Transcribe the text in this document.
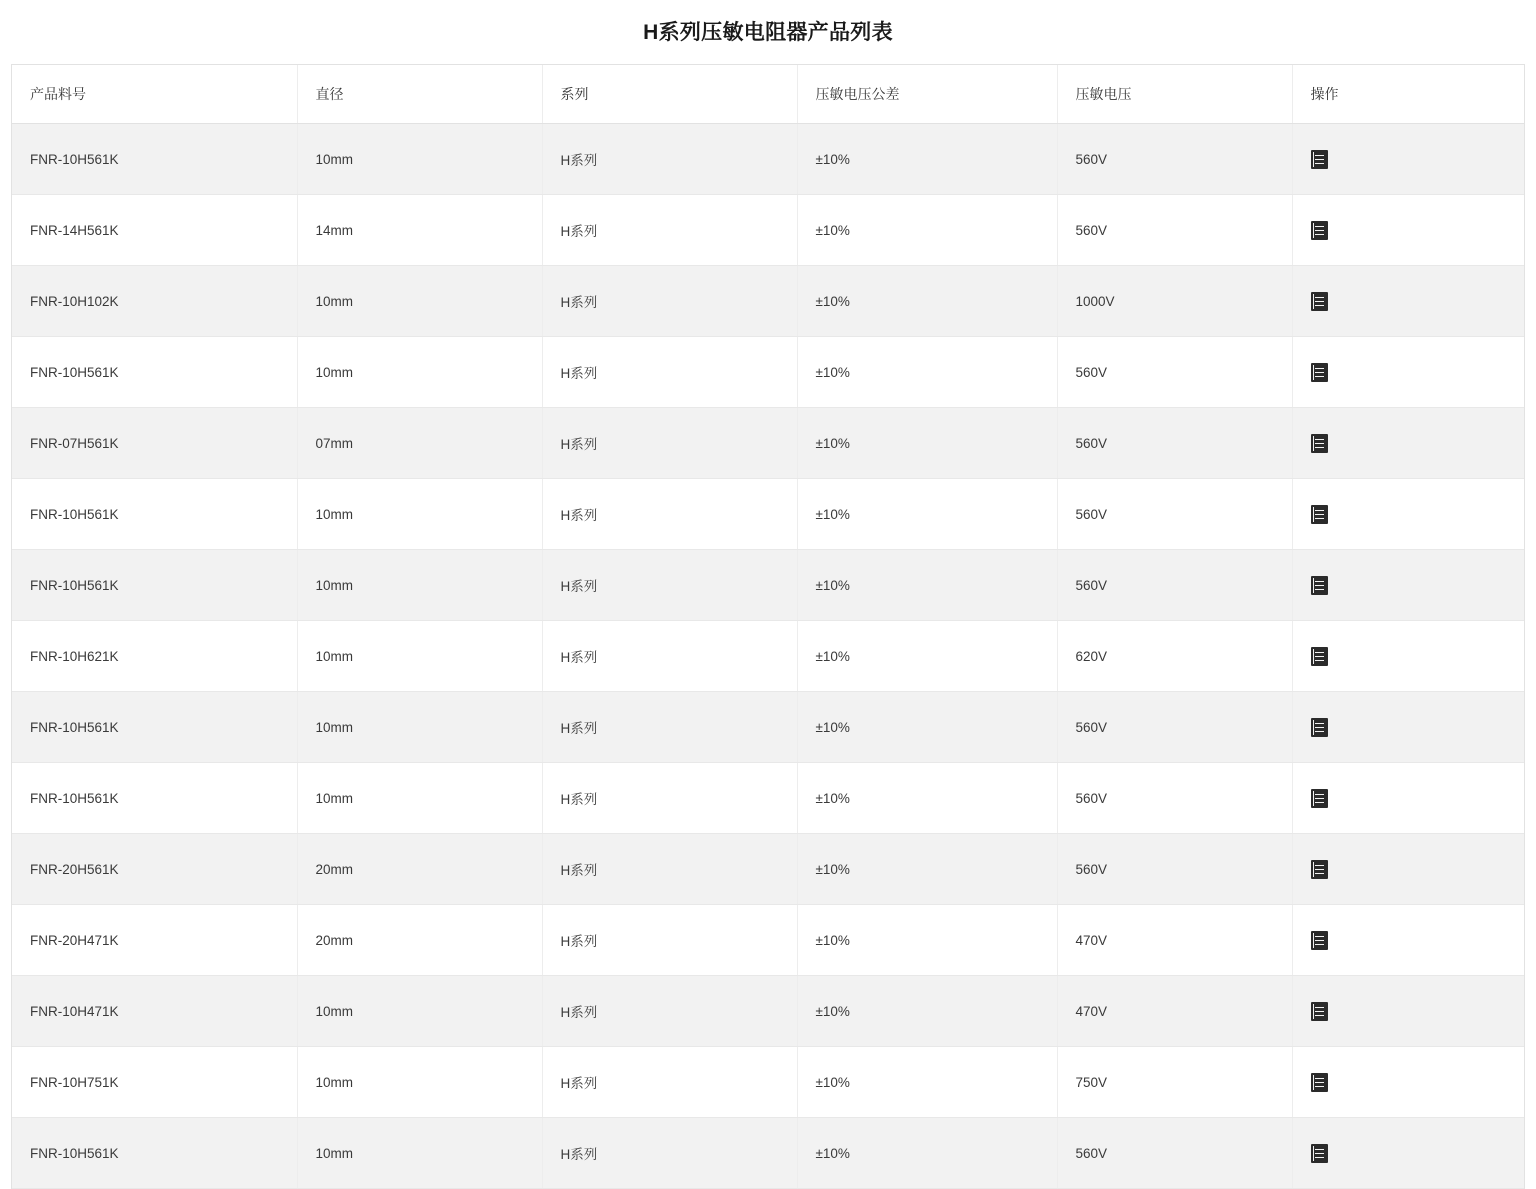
H系列压敏电阻器产品列表
产品料号	直径	系列	压敏电压公差	压敏电压	操作
FNR-10H561K	10mm	H系列	±10%	560V	

FNR-14H561K	14mm	H系列	±10%	560V	

FNR-10H102K	10mm	H系列	±10%	1000V	

FNR-10H561K	10mm	H系列	±10%	560V	

FNR-07H561K	07mm	H系列	±10%	560V	

FNR-10H561K	10mm	H系列	±10%	560V	

FNR-10H561K	10mm	H系列	±10%	560V	

FNR-10H621K	10mm	H系列	±10%	620V	

FNR-10H561K	10mm	H系列	±10%	560V	

FNR-10H561K	10mm	H系列	±10%	560V	

FNR-20H561K	20mm	H系列	±10%	560V	

FNR-20H471K	20mm	H系列	±10%	470V	

FNR-10H471K	10mm	H系列	±10%	470V	

FNR-10H751K	10mm	H系列	±10%	750V	

FNR-10H561K	10mm	H系列	±10%	560V	
